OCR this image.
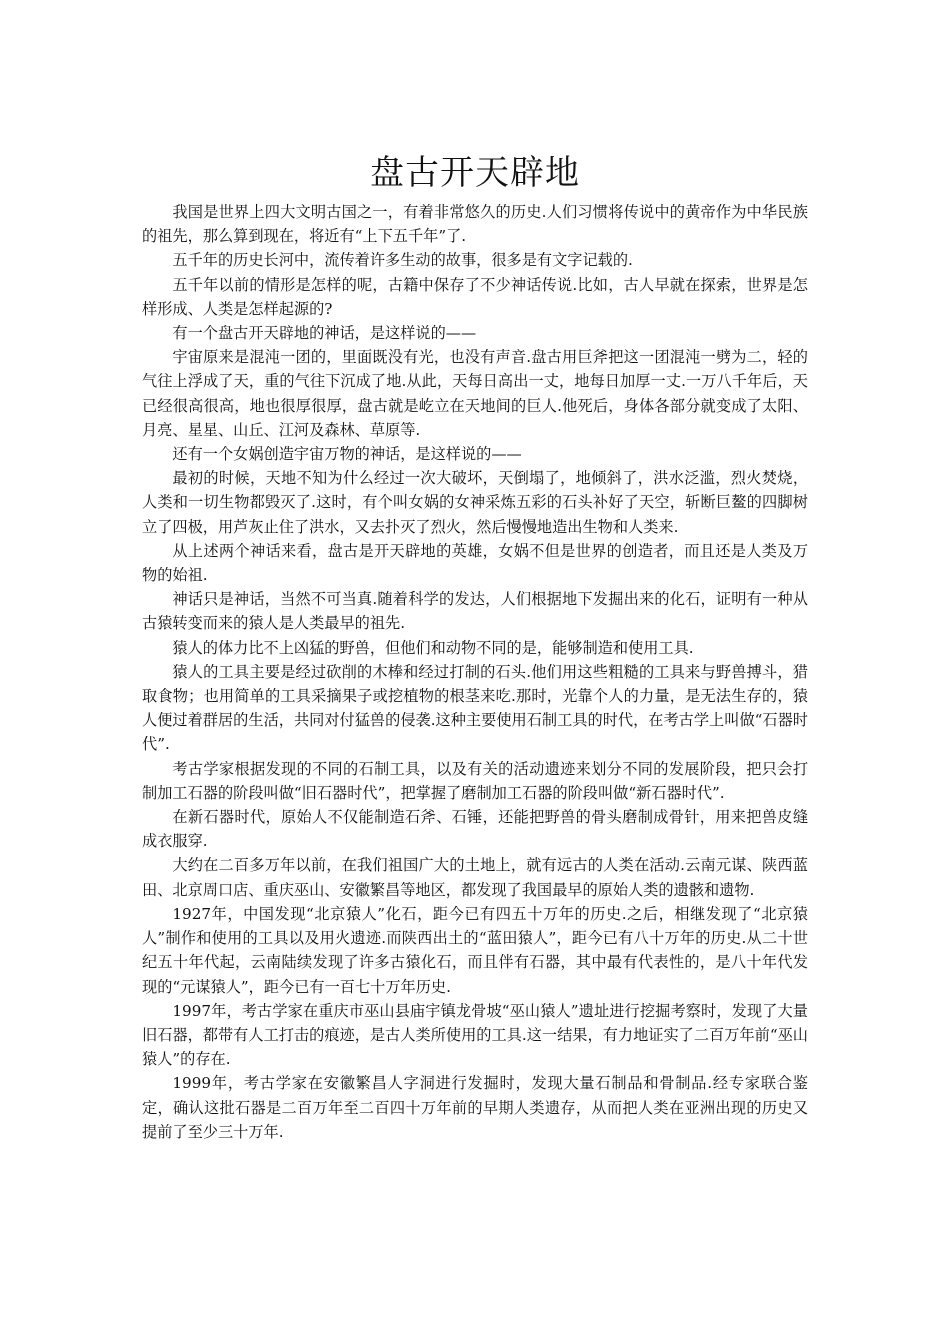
盘古开天辟地

我国是世界上四大文明古国之一，有着非常悠久的历史.人们习惯将传说中的黄帝作为中华民族的祖先，那么算到现在，将近有“上下五千年”了.

五千年的历史长河中，流传着许多生动的故事，很多是有文字记载的.

五千年以前的情形是怎样的呢，古籍中保存了不少神话传说.比如，古人早就在探索，世界是怎样形成、人类是怎样起源的?

有一个盘古开天辟地的神话，是这样说的——

宇宙原来是混沌一团的，里面既没有光，也没有声音.盘古用巨斧把这一团混沌一劈为二，轻的气往上浮成了天，重的气往下沉成了地.从此，天每日高出一丈，地每日加厚一丈.一万八千年后，天已经很高很高，地也很厚很厚，盘古就是屹立在天地间的巨人.他死后，身体各部分就变成了太阳、月亮、星星、山丘、江河及森林、草原等.

还有一个女娲创造宇宙万物的神话，是这样说的——

最初的时候，天地不知为什么经过一次大破坏，天倒塌了，地倾斜了，洪水泛滥，烈火焚烧，人类和一切生物都毁灭了.这时，有个叫女娲的女神采炼五彩的石头补好了天空，斩断巨鳌的四脚树立了四极，用芦灰止住了洪水，又去扑灭了烈火，然后慢慢地造出生物和人类来.

从上述两个神话来看，盘古是开天辟地的英雄，女娲不但是世界的创造者，而且还是人类及万物的始祖.

神话只是神话，当然不可当真.随着科学的发达，人们根据地下发掘出来的化石，证明有一种从古猿转变而来的猿人是人类最早的祖先.

猿人的体力比不上凶猛的野兽，但他们和动物不同的是，能够制造和使用工具.

猿人的工具主要是经过砍削的木棒和经过打制的石头.他们用这些粗糙的工具来与野兽搏斗，猎取食物；也用简单的工具采摘果子或挖植物的根茎来吃.那时，光靠个人的力量，是无法生存的，猿人便过着群居的生活，共同对付猛兽的侵袭.这种主要使用石制工具的时代，在考古学上叫做“石器时代”.

考古学家根据发现的不同的石制工具，以及有关的活动遗迹来划分不同的发展阶段，把只会打制加工石器的阶段叫做“旧石器时代”，把掌握了磨制加工石器的阶段叫做“新石器时代”.

在新石器时代，原始人不仅能制造石斧、石锤，还能把野兽的骨头磨制成骨针，用来把兽皮缝成衣服穿.

大约在二百多万年以前，在我们祖国广大的土地上，就有远古的人类在活动.云南元谋、陕西蓝田、北京周口店、重庆巫山、安徽繁昌等地区，都发现了我国最早的原始人类的遗骸和遗物.

1927年，中国发现“北京猿人”化石，距今已有四五十万年的历史.之后，相继发现了“北京猿人”制作和使用的工具以及用火遗迹.而陕西出土的“蓝田猿人”，距今已有八十万年的历史.从二十世纪五十年代起，云南陆续发现了许多古猿化石，而且伴有石器，其中最有代表性的，是八十年代发现的“元谋猿人”，距今已有一百七十万年历史.

1997年，考古学家在重庆市巫山县庙宇镇龙骨坡“巫山猿人”遗址进行挖掘考察时，发现了大量旧石器，都带有人工打击的痕迹，是古人类所使用的工具.这一结果，有力地证实了二百万年前“巫山猿人”的存在.

1999年，考古学家在安徽繁昌人字洞进行发掘时，发现大量石制品和骨制品.经专家联合鉴定，确认这批石器是二百万年至二百四十万年前的早期人类遗存，从而把人类在亚洲出现的历史又提前了至少三十万年.
